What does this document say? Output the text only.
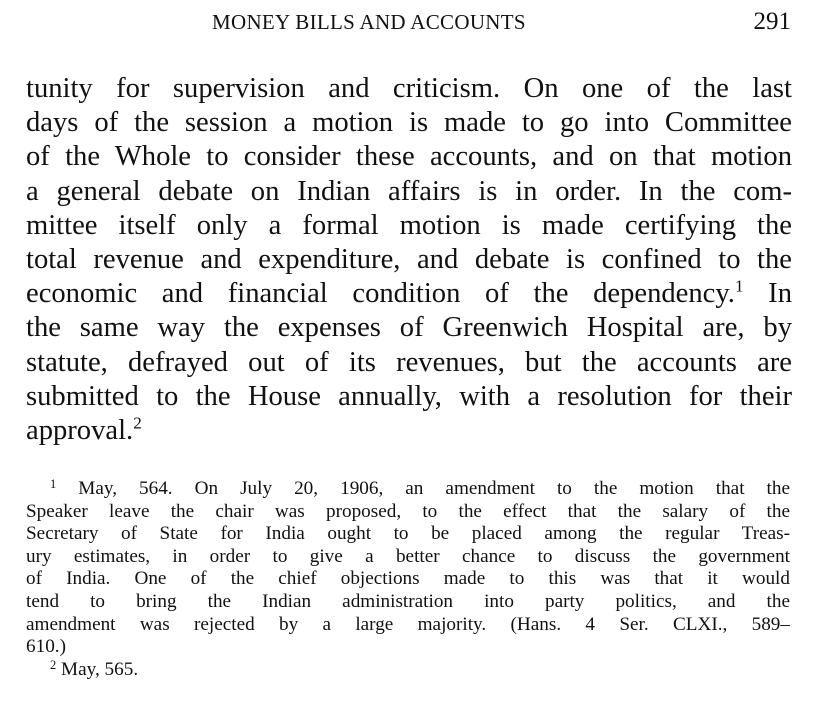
MONEY BILLS AND ACCOUNTS	291
tunity for supervision and criticism. On one of the last
days of the session a motion is made to go into Committee
of the Whole to consider these accounts, and on that motion
a general debate on Indian affairs is in order. In the com-
mittee itself only a formal motion is made certifying the
total revenue and expenditure, and debate is confined to the
economic and financial condition of the dependency.$^1$ In
the same way the expenses of Greenwich Hospital are, by
statute, defrayed out of its revenues, but the accounts are
submitted to the House annually, with a resolution for their
approval.$^2$
$^1$ May, 564. On July 20, 1906, an amendment to the motion that the
Speaker leave the chair was proposed, to the effect that the salary of the
Secretary of State for India ought to be placed among the regular Treas-
ury estimates, in order to give a better chance to discuss the government
of India. One of the chief objections made to this was that it would
tend to bring the Indian administration into party politics, and the
amendment was rejected by a large majority. (Hans. 4 Ser. CLXI., 589–
610.)
$^2$ May, 565.
